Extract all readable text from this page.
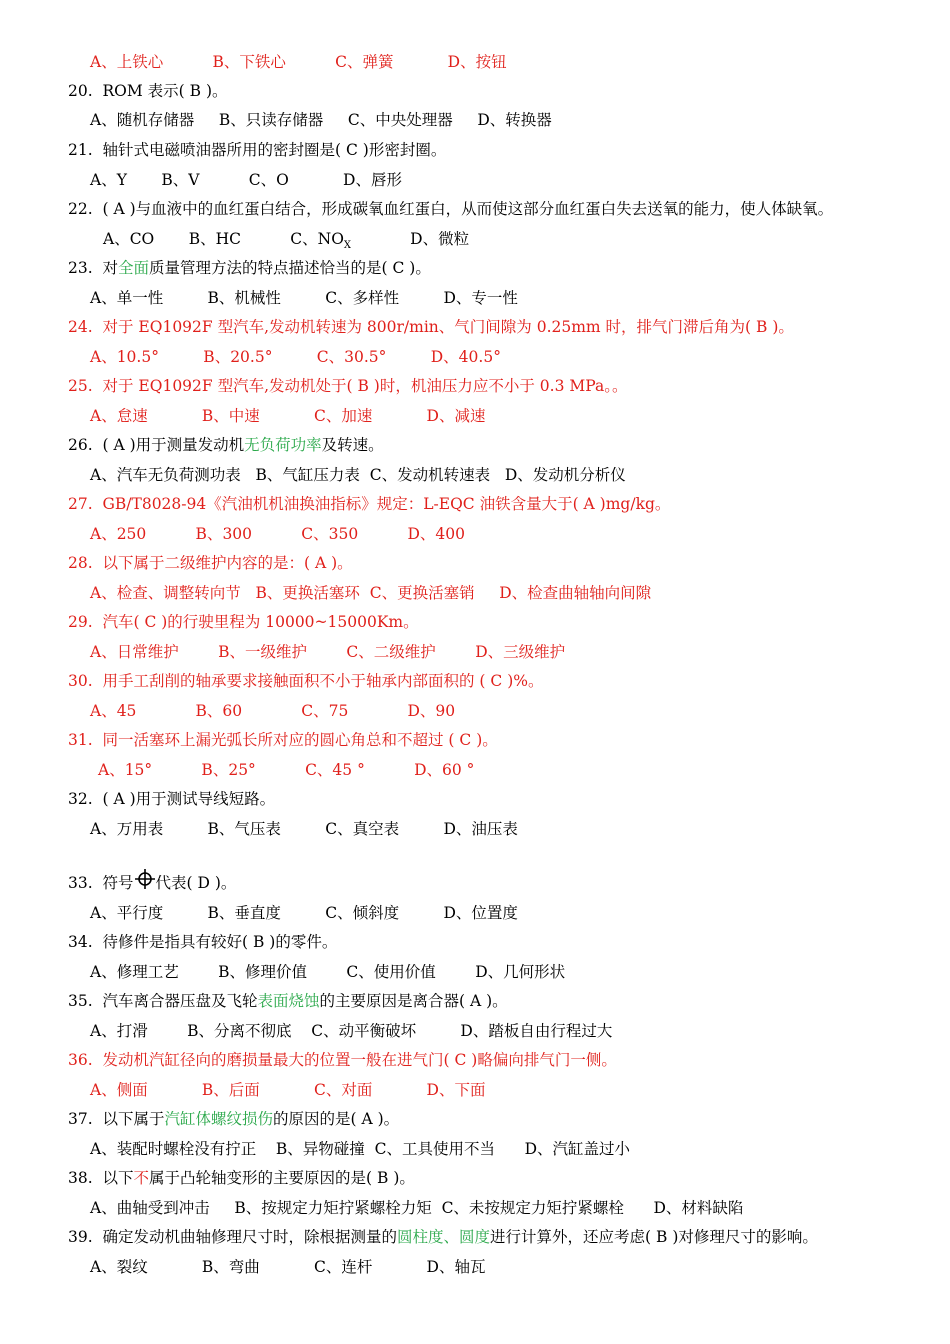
A、上铁心          B、下铁心          C、弹簧           D、按钮
20.  ROM 表示( B )。
A、随机存储器     B、只读存储器     C、中央处理器     D、转换器
21.  轴针式电磁喷油器所用的密封圈是( C )形密封圈。
A、Y       B、V          C、O           D、唇形
22.  ( A )与血液中的血红蛋白结合，形成碳氧血红蛋白，从而使这部分血红蛋白失去送氧的能力，使人体缺氧。
A、CO       B、HC          C、$NO_X$            D、微粒
23.  对全面质量管理方法的特点描述恰当的是( C )。
A、单一性         B、机械性         C、多样性         D、专一性
24.  对于 EQ1092F 型汽车,发动机转速为 800r/min、气门间隙为 0.25mm 时，排气门滞后角为( B )。
A、10.5°         B、20.5°         C、30.5°         D、40.5°
25.  对于 EQ1092F 型汽车,发动机处于( B )时，机油压力应不小于 0.3 MPa。。
A、怠速           B、中速           C、加速           D、减速
26.  ( A )用于测量发动机无负荷功率及转速。
A、汽车无负荷测功表   B、气缸压力表  C、发动机转速表   D、发动机分析仪
27.  GB/T8028-94《汽油机机油换油指标》规定：L-EQC 油铁含量大于( A )mg/kg。
A、250          B、300          C、350          D、400
28.  以下属于二级维护内容的是：( A )。
A、检查、调整转向节   B、更换活塞环  C、更换活塞销     D、检查曲轴轴向间隙
29.  汽车( C )的行驶里程为 10000~15000Km。
A、日常维护        B、一级维护        C、二级维护        D、三级维护
30.  用手工刮削的轴承要求接触面积不小于轴承内部面积的 ( C )%。
A、45            B、60            C、75            D、90
31.  同一活塞环上漏光弧长所对应的圆心角总和不超过 ( C )。
A、15°          B、25°          C、45 °          D、60 °
32.  ( A )用于测试导线短路。
A、万用表         B、气压表         C、真空表         D、油压表
33.  符号 代表( D )。
A、平行度         B、垂直度         C、倾斜度         D、位置度
34.  待修件是指具有较好( B )的零件。
A、修理工艺        B、修理价值        C、使用价值        D、几何形状
35.  汽车离合器压盘及飞轮表面烧蚀的主要原因是离合器( A )。
A、打滑        B、分离不彻底    C、动平衡破坏         D、踏板自由行程过大
36.  发动机汽缸径向的磨损量最大的位置一般在进气门( C )略偏向排气门一侧。
A、侧面           B、后面           C、对面           D、下面
37.  以下属于汽缸体螺纹损伤的原因的是( A )。
A、装配时螺栓没有拧正    B、异物碰撞  C、工具使用不当      D、汽缸盖过小
38.  以下不属于凸轮轴变形的主要原因的是( B )。
A、曲轴受到冲击     B、按规定力矩拧紧螺栓力矩  C、未按规定力矩拧紧螺栓      D、材料缺陷
39.  确定发动机曲轴修理尺寸时，除根据测量的圆柱度、圆度进行计算外，还应考虑( B )对修理尺寸的影响。
A、裂纹           B、弯曲           C、连杆           D、轴瓦
